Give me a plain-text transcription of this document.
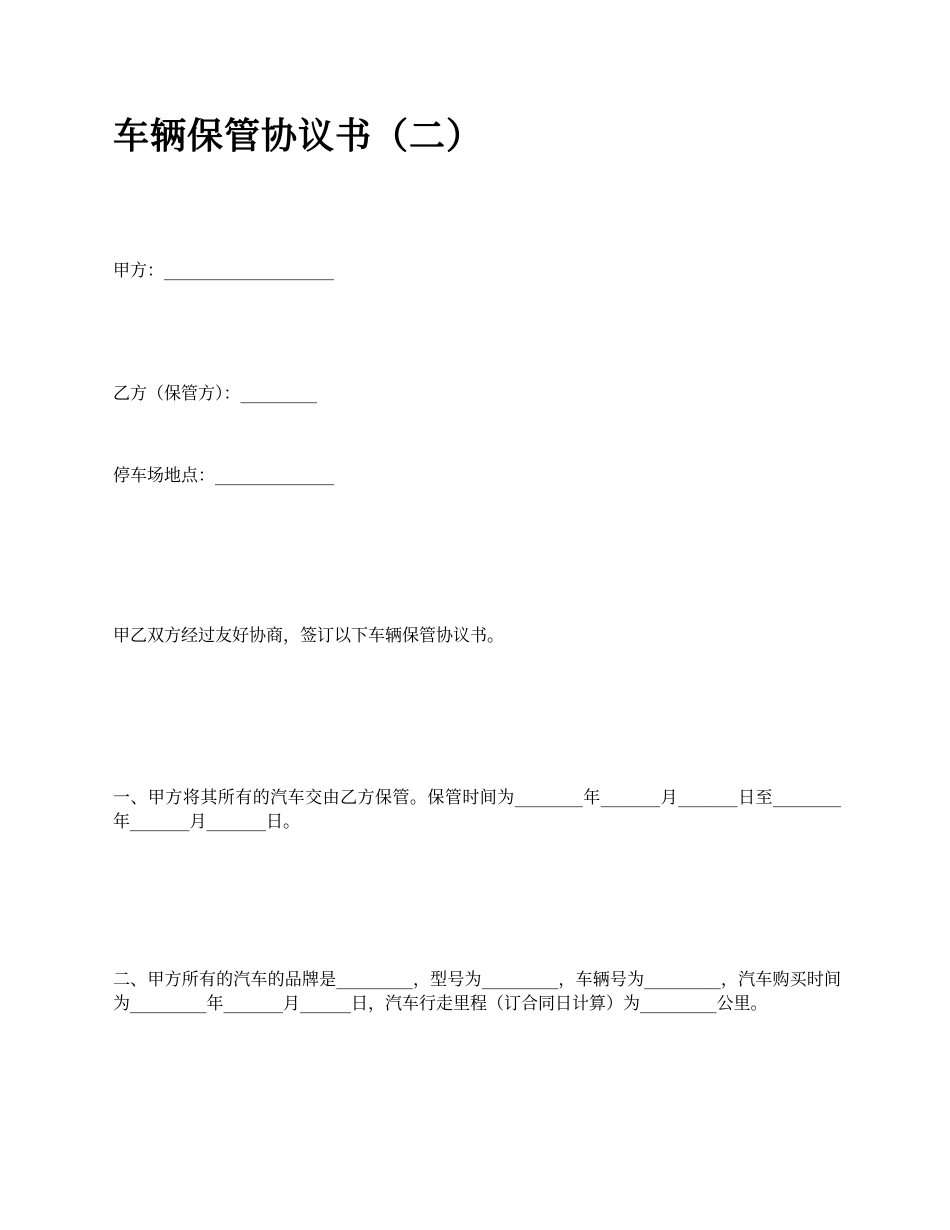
车辆保管协议书（二）

甲方：____________________

乙方（保管方）：_________

停车场地点：______________

甲乙双方经过友好协商，签订以下车辆保管协议书。

一、甲方将其所有的汽车交由乙方保管。保管时间为________年_______月_______日至________年_______月_______日。

二、甲方所有的汽车的品牌是_________，型号为_________，车辆号为_________，汽车购买时间为_________年_______月______日，汽车行走里程（订合同日计算）为_________公里。
